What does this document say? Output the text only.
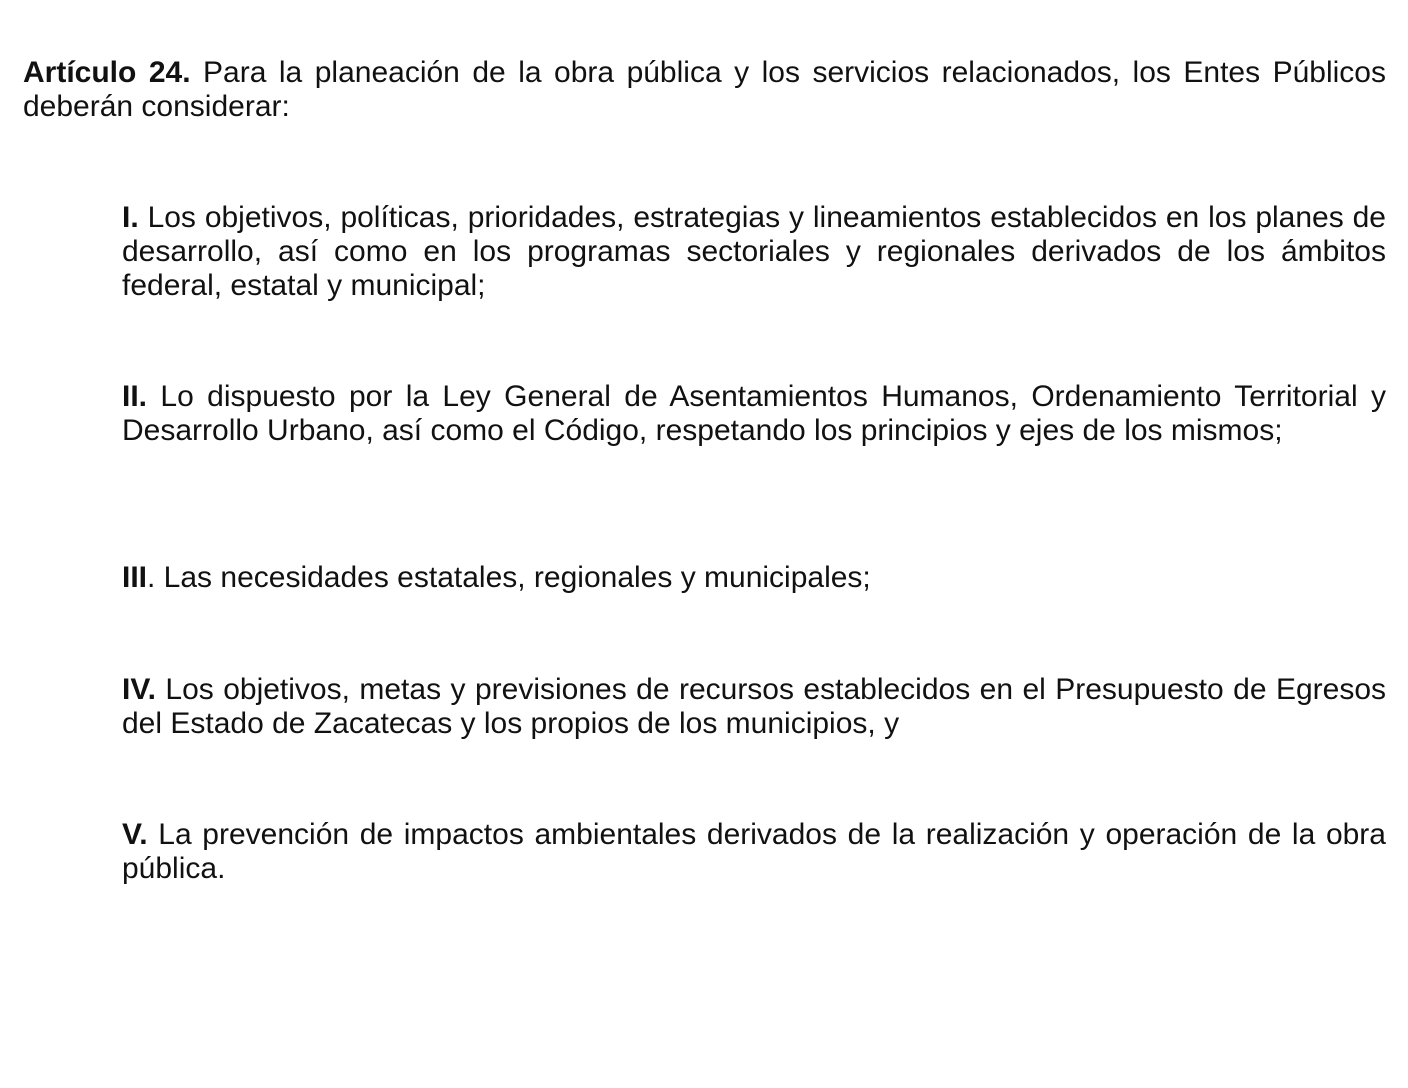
Artículo 24. Para la planeación de la obra pública y los servicios relacionados, los Entes Públicos deberán considerar:

I. Los objetivos, políticas, prioridades, estrategias y lineamientos establecidos en los planes de desarrollo, así como en los programas sectoriales y regionales derivados de los ámbitos federal, estatal y municipal;

II. Lo dispuesto por la Ley General de Asentamientos Humanos, Ordenamiento Territorial y Desarrollo Urbano, así como el Código, respetando los principios y ejes de los mismos;

III. Las necesidades estatales, regionales y municipales;

IV. Los objetivos, metas y previsiones de recursos establecidos en el Presupuesto de Egresos del Estado de Zacatecas y los propios de los municipios, y

V. La prevención de impactos ambientales derivados de la realización y operación de la obra pública.
